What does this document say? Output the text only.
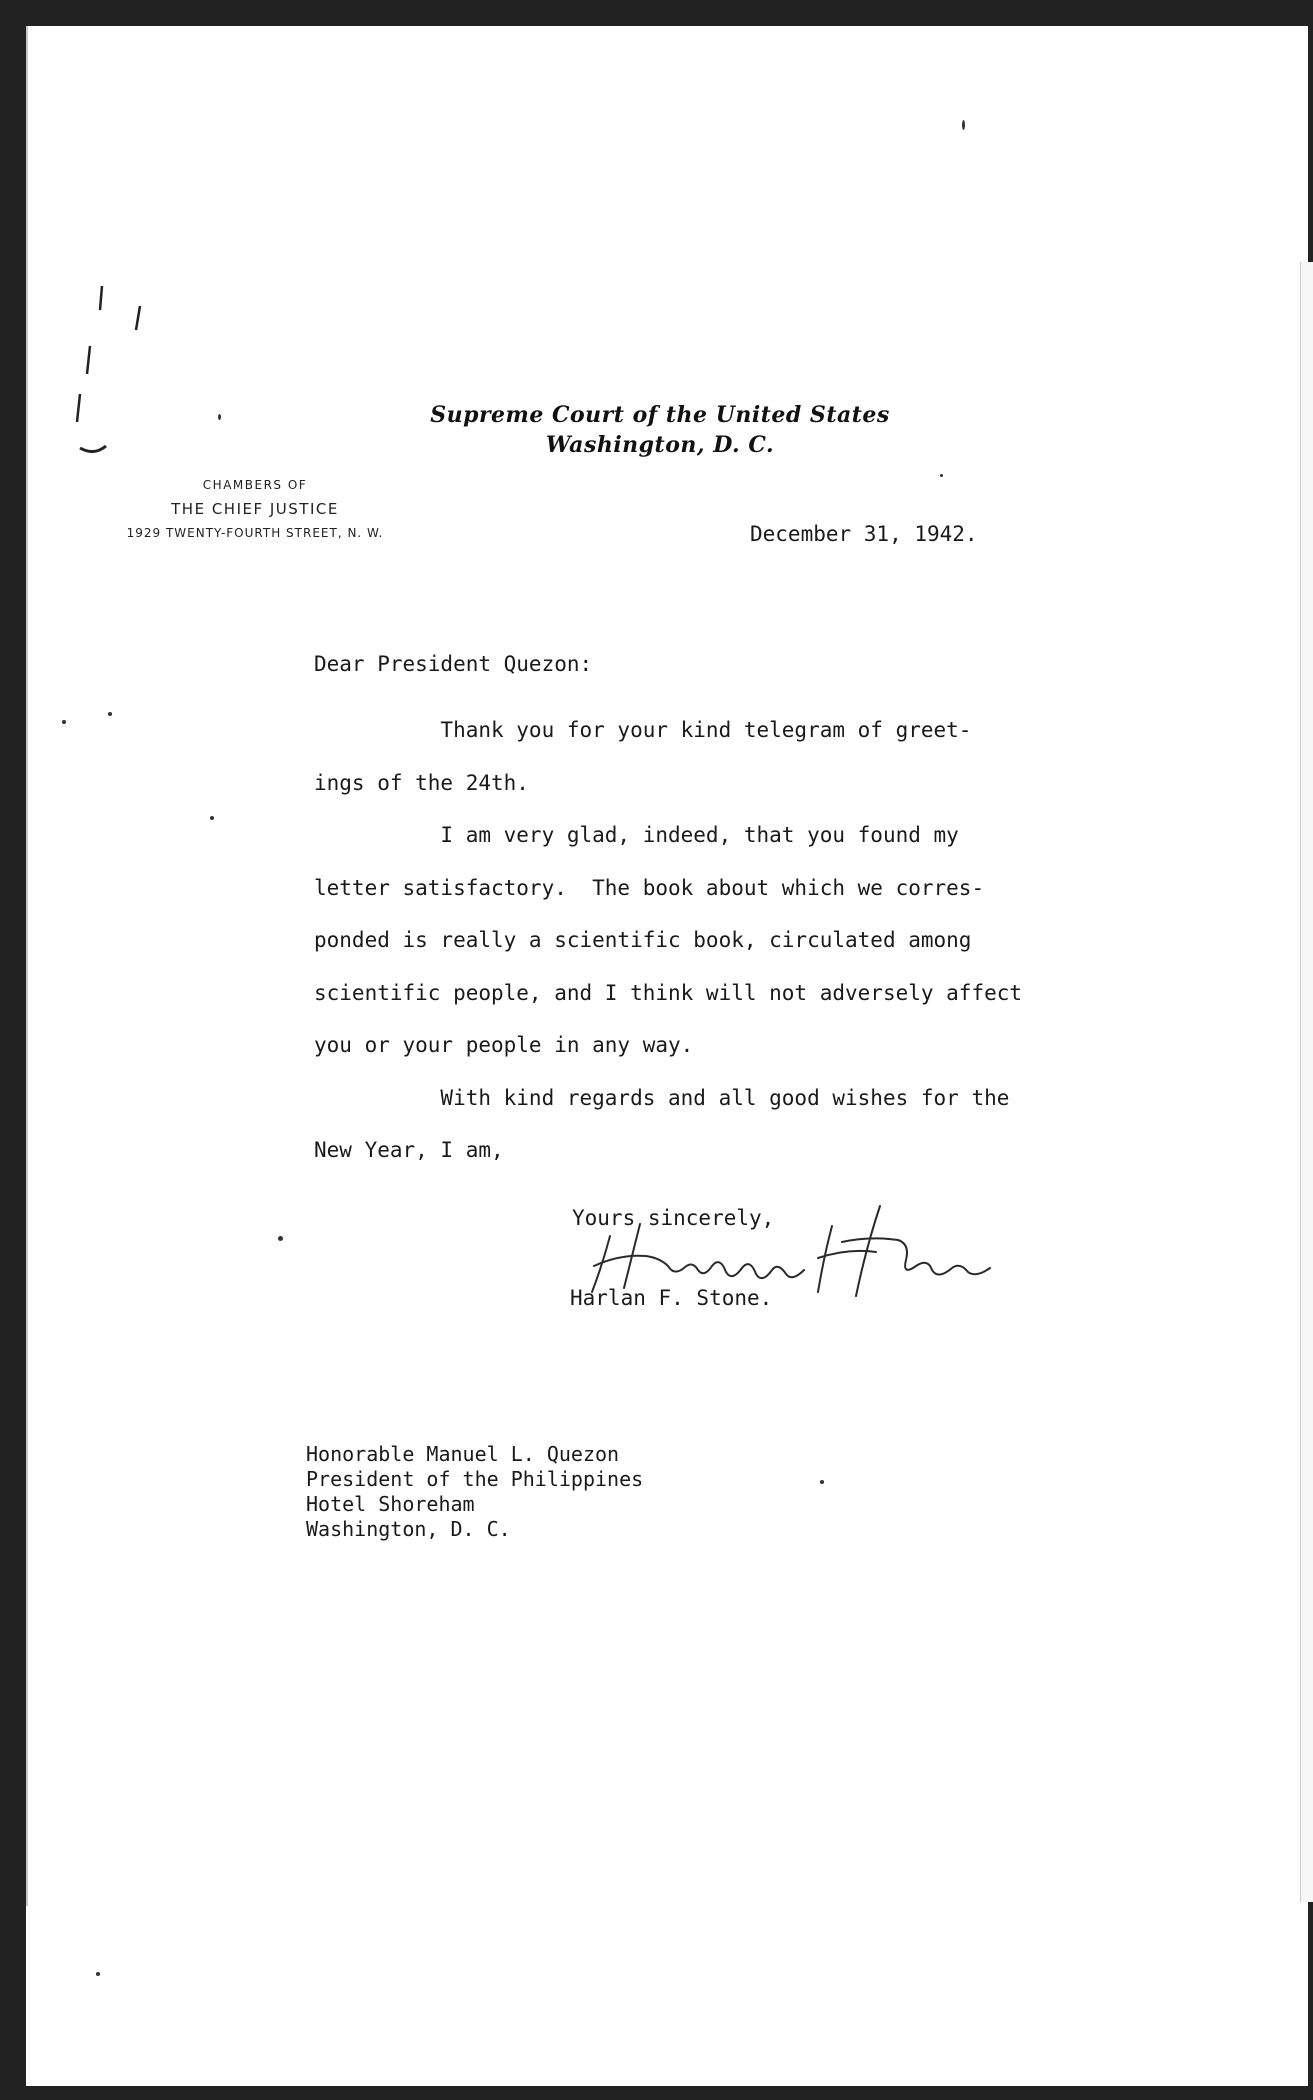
Supreme Court of the United States
Washington, D. C.
CHAMBERS OF
THE CHIEF JUSTICE
1929 TWENTY-FOURTH STREET, N. W.	December 31, 1942.
Dear President Quezon:
Thank you for your kind telegram of greet-
ings of the 24th.
I am very glad, indeed, that you found my
letter satisfactory.  The book about which we corres-
ponded is really a scientific book, circulated among
scientific people, and I think will not adversely affect
you or your people in any way.
With kind regards and all good wishes for the
New Year, I am,
Yours sincerely,
Harlan F. Stone.
Honorable Manuel L. Quezon
President of the Philippines
Hotel Shoreham
Washington, D. C.
